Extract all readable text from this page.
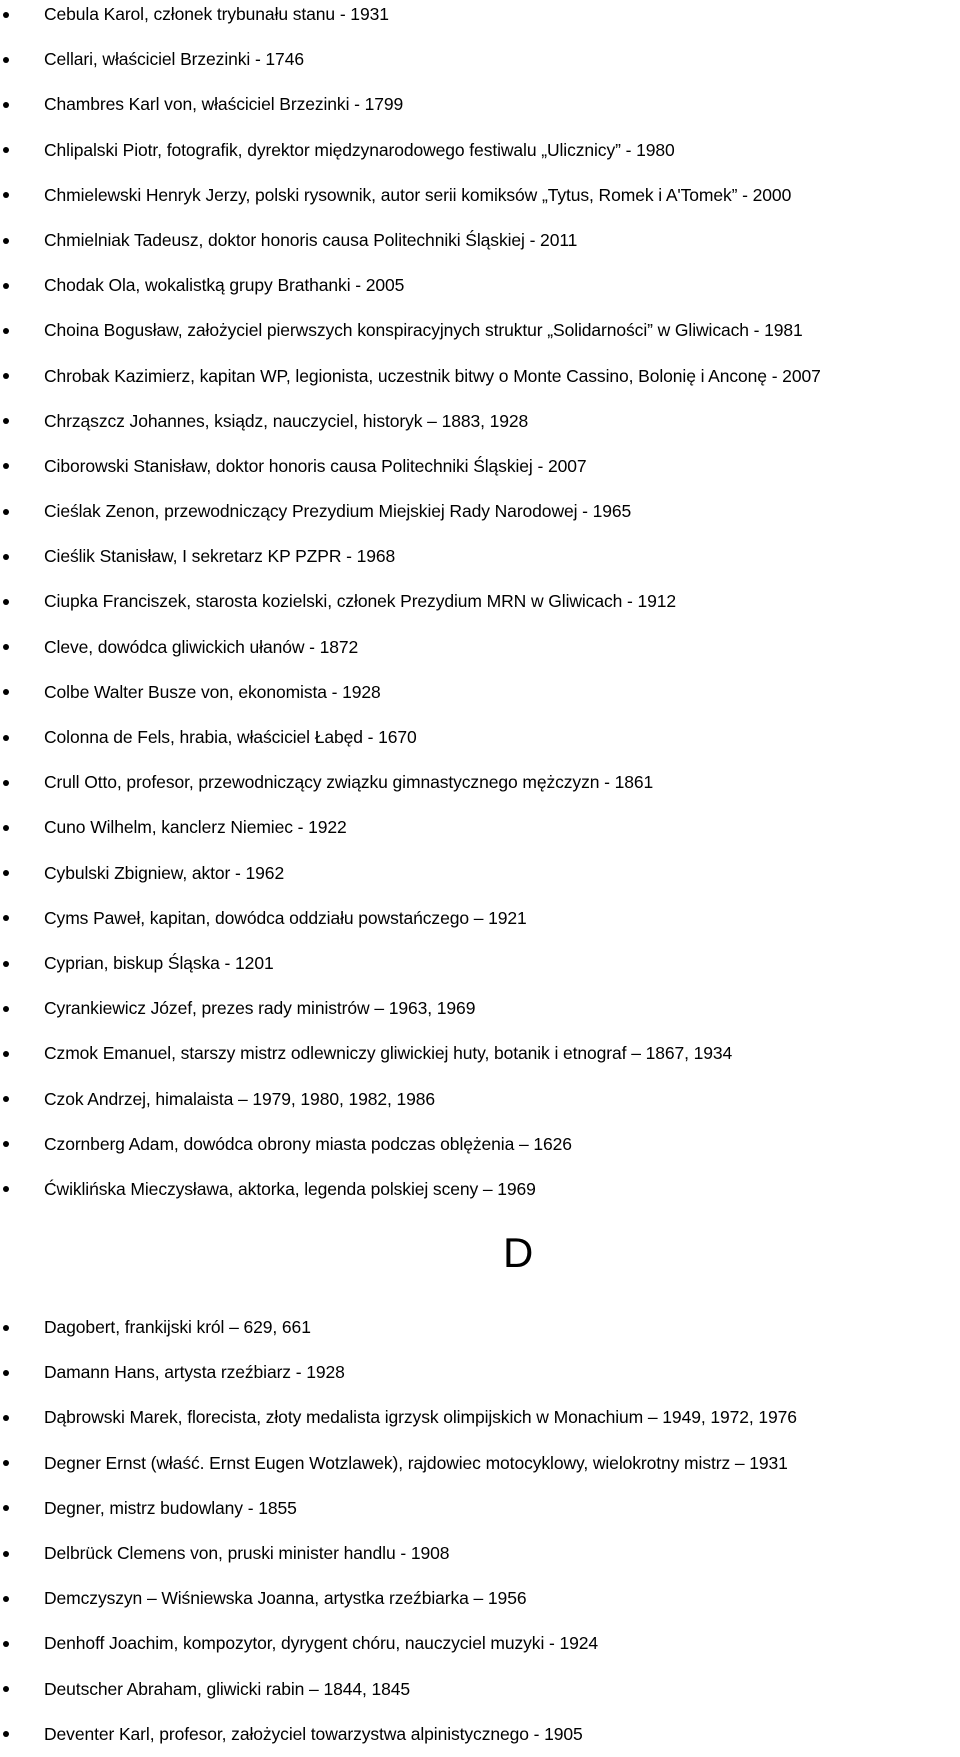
Cebula Karol, członek trybunału stanu - 1931
Cellari, właściciel Brzezinki - 1746
Chambres Karl von, właściciel Brzezinki - 1799
Chlipalski Piotr, fotografik, dyrektor międzynarodowego festiwalu „Ulicznicy” - 1980
Chmielewski Henryk Jerzy, polski rysownik, autor serii komiksów „Tytus, Romek i A'Tomek” - 2000
Chmielniak Tadeusz, doktor honoris causa Politechniki Śląskiej - 2011
Chodak Ola, wokalistką grupy Brathanki - 2005
Choina Bogusław, założyciel pierwszych konspiracyjnych struktur „Solidarności” w Gliwicach - 1981
Chrobak Kazimierz, kapitan WP, legionista, uczestnik bitwy o Monte Cassino, Bolonię i Anconę - 2007
Chrząszcz Johannes, ksiądz, nauczyciel, historyk – 1883, 1928
Ciborowski Stanisław, doktor honoris causa Politechniki Śląskiej - 2007
Cieślak Zenon, przewodniczący Prezydium Miejskiej Rady Narodowej - 1965
Cieślik Stanisław, I sekretarz KP PZPR - 1968
Ciupka Franciszek, starosta kozielski, członek Prezydium MRN w Gliwicach - 1912
Cleve, dowódca gliwickich ułanów - 1872
Colbe Walter Busze von, ekonomista - 1928
Colonna de Fels, hrabia, właściciel Łabęd - 1670
Crull Otto, profesor, przewodniczący związku gimnastycznego mężczyzn - 1861
Cuno Wilhelm, kanclerz Niemiec - 1922
Cybulski Zbigniew, aktor - 1962
Cyms Paweł, kapitan, dowódca oddziału powstańczego – 1921
Cyprian, biskup Śląska - 1201
Cyrankiewicz Józef, prezes rady ministrów – 1963, 1969
Czmok Emanuel, starszy mistrz odlewniczy gliwickiej huty, botanik i etnograf – 1867, 1934
Czok Andrzej, himalaista – 1979, 1980, 1982, 1986
Czornberg Adam, dowódca obrony miasta podczas oblężenia – 1626
Ćwiklińska Mieczysława, aktorka, legenda polskiej sceny – 1969
D
Dagobert, frankijski król – 629, 661
Damann Hans, artysta rzeźbiarz - 1928
Dąbrowski Marek, florecista, złoty medalista igrzysk olimpijskich w Monachium – 1949, 1972, 1976
Degner Ernst (właść. Ernst Eugen Wotzlawek), rajdowiec motocyklowy, wielokrotny mistrz – 1931
Degner, mistrz budowlany - 1855
Delbrück Clemens von, pruski minister handlu - 1908
Demczyszyn – Wiśniewska Joanna, artystka rzeźbiarka – 1956
Denhoff Joachim, kompozytor, dyrygent chóru, nauczyciel muzyki - 1924
Deutscher Abraham, gliwicki rabin – 1844, 1845
Deventer Karl, profesor, założyciel towarzystwa alpinistycznego - 1905
